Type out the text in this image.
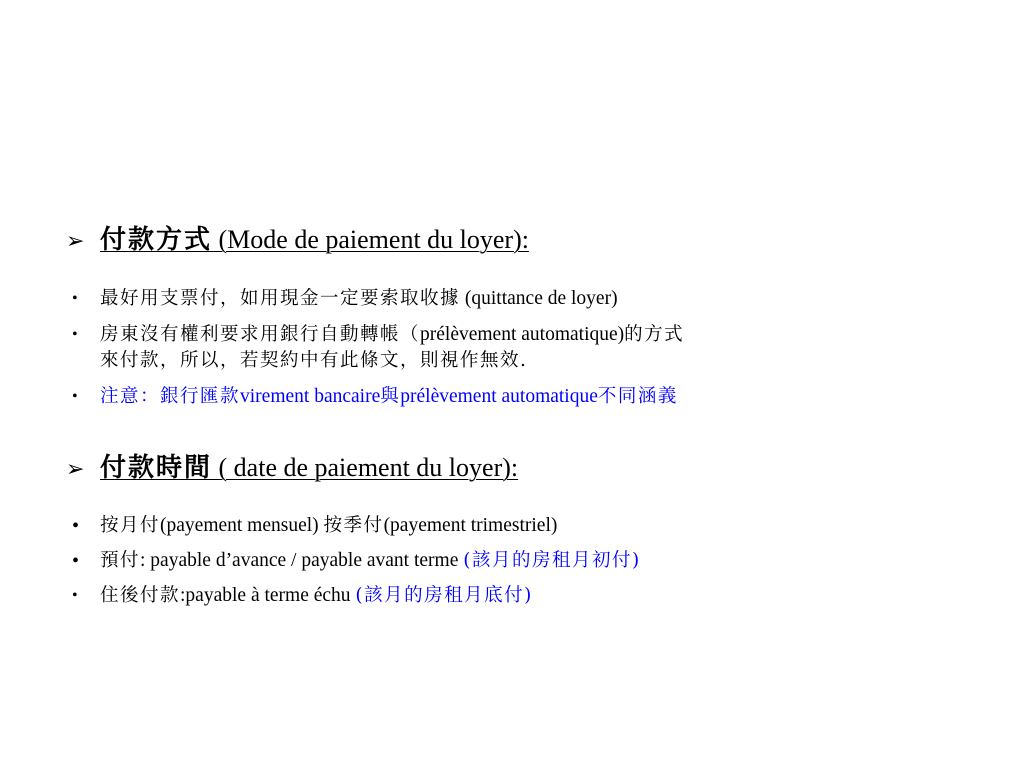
➢ 付款方式 (Mode de paiement du loyer):
•	最好用支票付，如用現金一定要索取收據 (quittance de loyer)
•	房東沒有權利要求用銀行自動轉帳（prélèvement automatique)的方式
來付款，所以，若契約中有此條文，則視作無效.
•	注意：銀行匯款virement bancaire與prélèvement automatique不同涵義
➢ 付款時間 ( date de paiement du loyer):
•	按月付(payement mensuel) 按季付(payement trimestriel)
•	預付: payable d’avance / payable avant terme (該月的房租月初付)
•	住後付款:payable à terme échu (該月的房租月底付)
